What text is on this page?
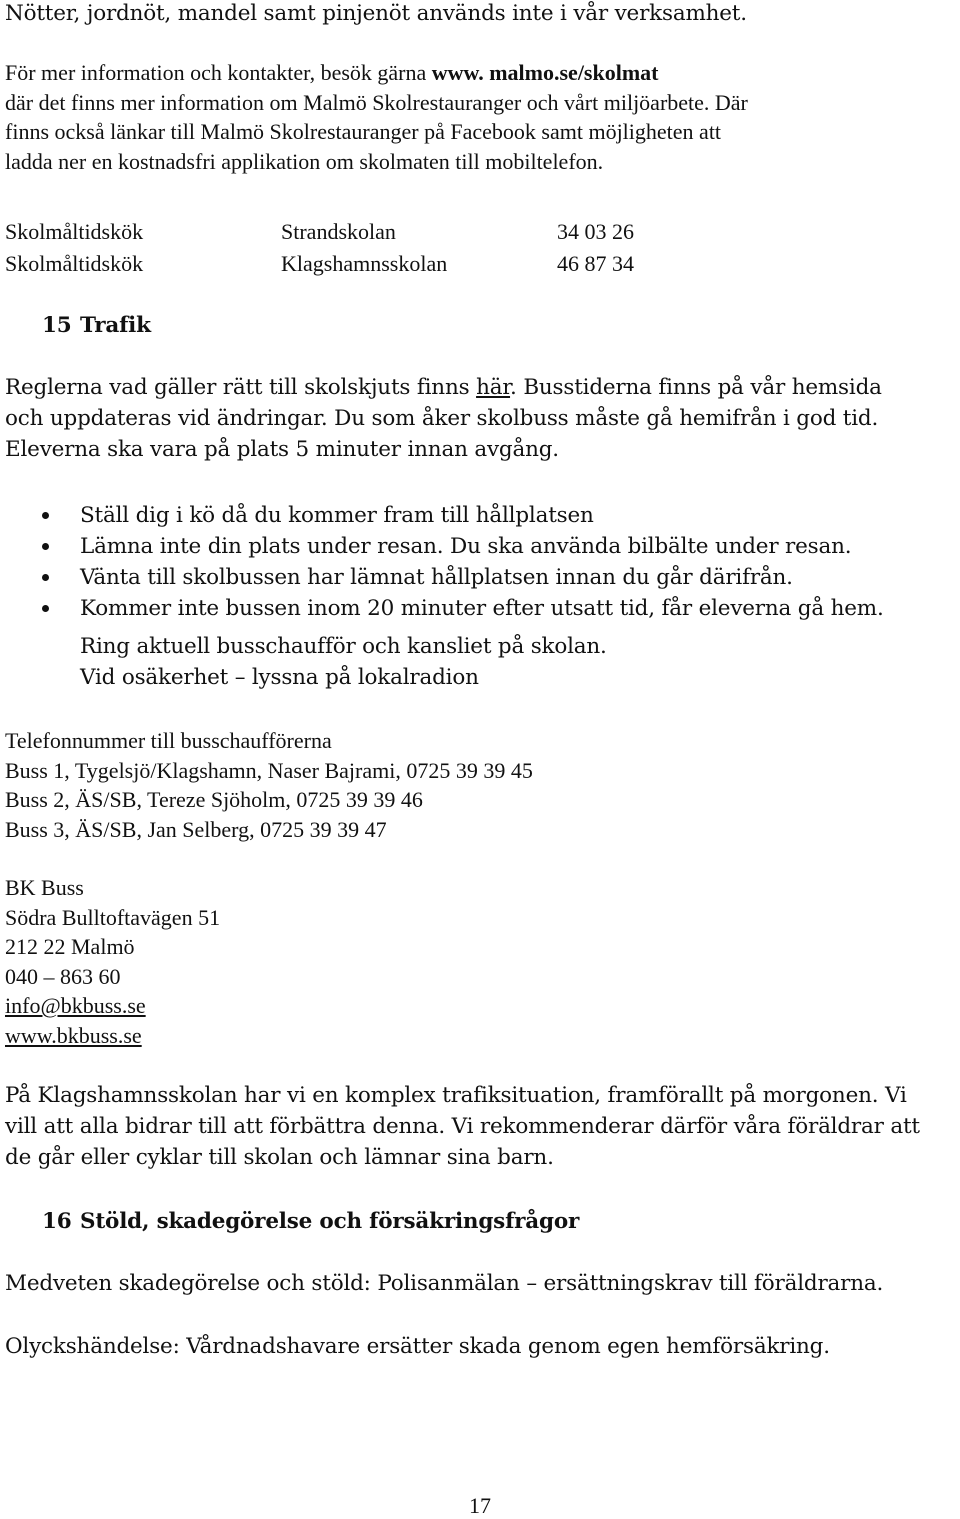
Nötter, jordnöt, mandel samt pinjenöt används inte i vår verksamhet.

För mer information och kontakter, besök gärna www. malmo.se/skolmat

där det finns mer information om Malmö Skolrestauranger och vårt miljöarbete. Där

finns också länkar till Malmö Skolrestauranger på Facebook samt möjligheten att

ladda ner en kostnadsfri applikation om skolmaten till mobiltelefon.

Skolmåltidskök	Strandskolan	34 03 26
Skolmåltidskök	Klagshamnsskolan	46 87 34
15 Trafik

Reglerna vad gäller rätt till skolskjuts finns här. Busstiderna finns på vår hemsida

och uppdateras vid ändringar. Du som åker skolbuss måste gå hemifrån i god tid.

Eleverna ska vara på plats 5 minuter innan avgång.

Ställ dig i kö då du kommer fram till hållplatsen
Lämna inte din plats under resan. Du ska använda bilbälte under resan.
Vänta till skolbussen har lämnat hållplatsen innan du går därifrån.
Kommer inte bussen inom 20 minuter efter utsatt tid, får eleverna gå hem.

Ring aktuell busschaufför och kansliet på skolan.

Vid osäkerhet – lyssna på lokalradion

Telefonnummer till busschaufförerna

Buss 1, Tygelsjö/Klagshamn, Naser Bajrami, 0725 39 39 45

Buss 2, ÄS/SB, Tereze Sjöholm, 0725 39 39 46

Buss 3, ÄS/SB, Jan Selberg, 0725 39 39 47

BK Buss

Södra Bulltoftavägen 51

212 22 Malmö

040 – 863 60

info@bkbuss.se

www.bkbuss.se

På Klagshamnsskolan har vi en komplex trafiksituation, framförallt på morgonen. Vi

vill att alla bidrar till att förbättra denna. Vi rekommenderar därför våra föräldrar att

de går eller cyklar till skolan och lämnar sina barn.

16 Stöld, skadegörelse och försäkringsfrågor

Medveten skadegörelse och stöld: Polisanmälan – ersättningskrav till föräldrarna.

Olyckshändelse: Vårdnadshavare ersätter skada genom egen hemförsäkring.

17
